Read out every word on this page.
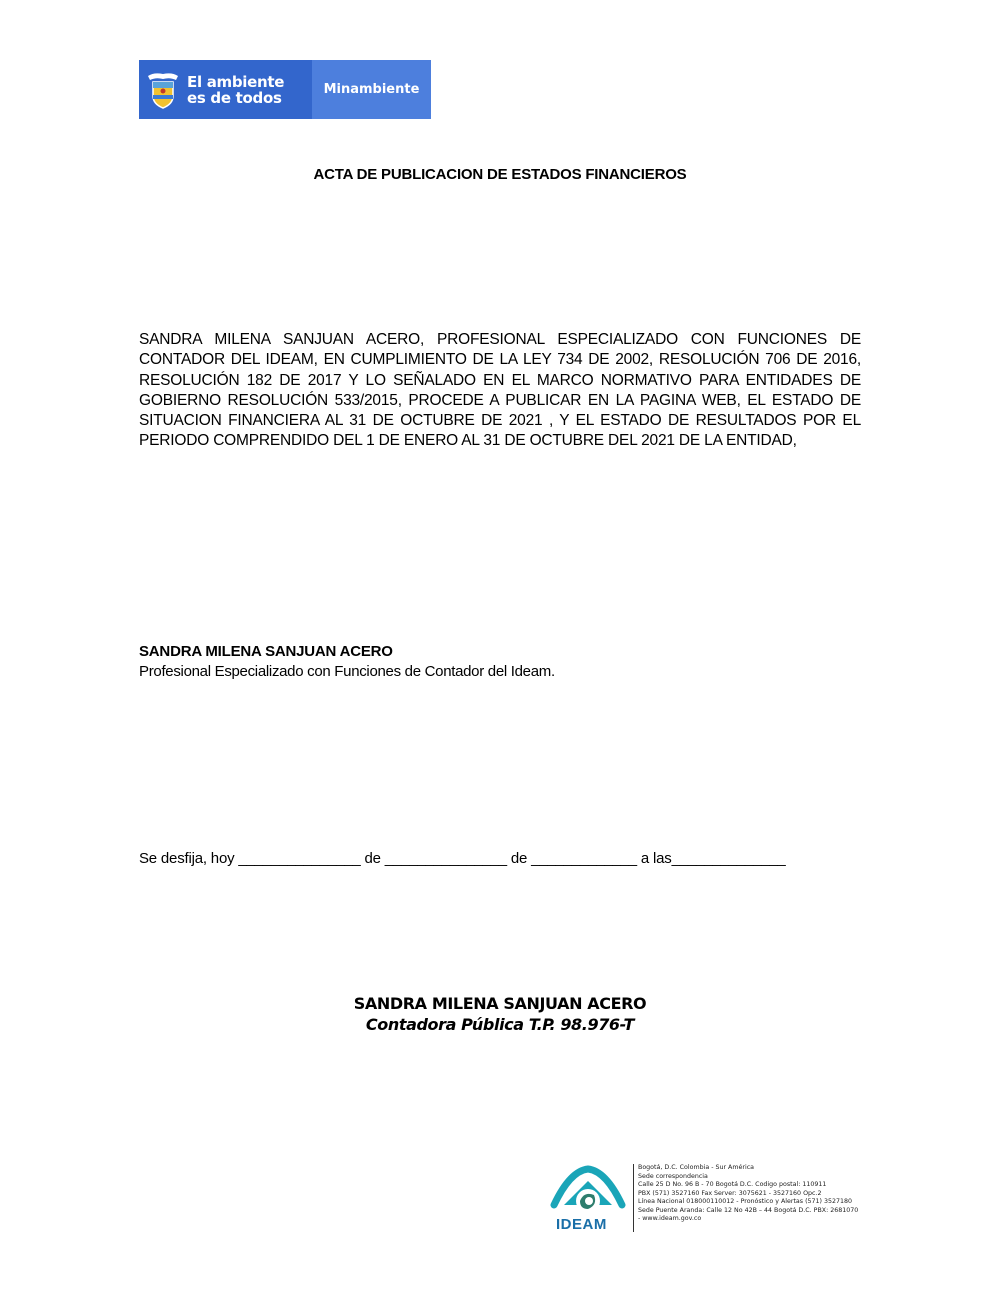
El ambiente
es de todos	Minambiente
ACTA DE PUBLICACION DE ESTADOS FINANCIEROS
SANDRA MILENA SANJUAN ACERO, PROFESIONAL ESPECIALIZADO CON FUNCIONES DE CONTADOR DEL IDEAM, EN CUMPLIMIENTO DE LA LEY 734 DE 2002, RESOLUCIÓN 706 DE 2016, RESOLUCIÓN 182 DE 2017 Y LO SEÑALADO EN EL MARCO NORMATIVO PARA ENTIDADES DE GOBIERNO RESOLUCIÓN 533/2015, PROCEDE A PUBLICAR EN LA PAGINA WEB, EL ESTADO DE SITUACION FINANCIERA AL 31 DE OCTUBRE DE 2021 , Y EL ESTADO DE RESULTADOS POR EL PERIODO COMPRENDIDO DEL 1 DE ENERO AL 31 DE OCTUBRE DEL 2021 DE LA ENTIDAD,
SANDRA MILENA SANJUAN ACERO
Profesional Especializado con Funciones de Contador del Ideam.
Se desfija, hoy _______________ de _______________ de _____________ a las______________
SANDRA MILENA SANJUAN ACERO
Contadora Pública T.P. 98.976-T
IDEAM
Bogotá, D.C. Colombia - Sur América
Sede correspondencia
Calle 25 D No. 96 B - 70 Bogotá D.C. Codigo postal: 110911
PBX (571) 3527160 Fax Server: 3075621 - 3527160 Opc.2
Línea Nacional 018000110012 - Pronóstico y Alertas (571) 3527180
Sede Puente Aranda: Calle 12 No 42B – 44 Bogotá D.C. PBX: 2681070
- www.ideam.gov.co
